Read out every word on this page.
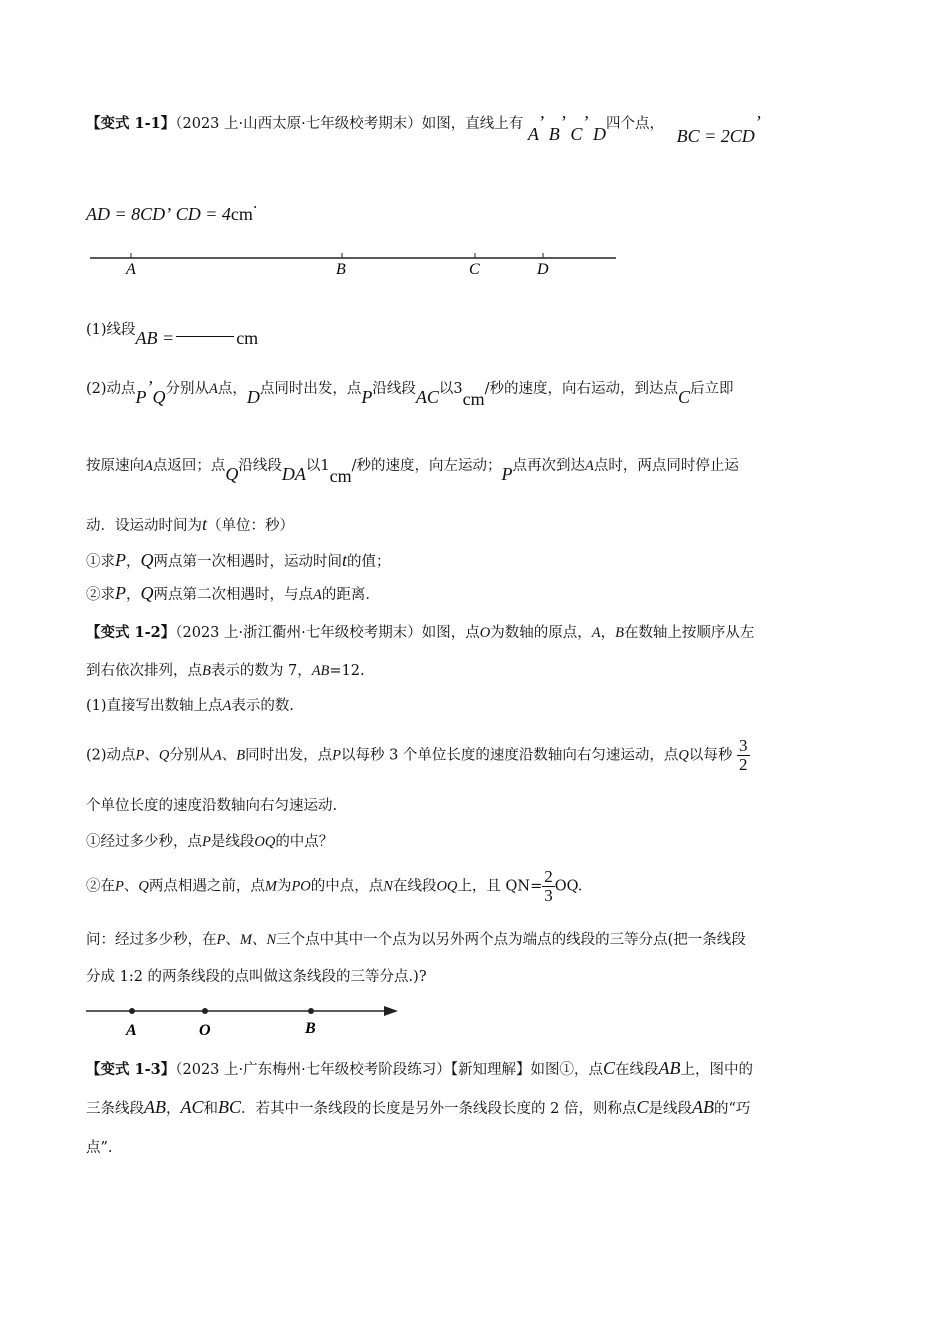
【变式 1-1】（2023 上·山西太原·七年级校考期末）如图，直线上有 A’ B’ C’ D四个点， BC = 2CD’
AD = 8CD’ CD = 4cm·
A	B	C	D
(1)线段AB =	cm
(2)动点P’Q分别从A点，D点同时出发，点P沿线段AC以3cm/秒的速度，向右运动，到达点C后立即
按原速向A点返回；点Q沿线段DA以1cm/秒的速度，向左运动；P点再次到达A点时，两点同时停止运
动．设运动时间为t（单位：秒）
①求P，Q两点第一次相遇时，运动时间t的值；
②求P，Q两点第二次相遇时，与点A的距离．
【变式 1-2】（2023 上·浙江衢州·七年级校考期末）如图，点O为数轴的原点，A，B在数轴上按顺序从左
到右依次排列，点B表示的数为 7，AB=12.
(1)直接写出数轴上点A表示的数.
(2)动点P、Q分别从A、B同时出发，点P以每秒 3 个单位长度的速度沿数轴向右匀速运动，点Q以每秒 $\frac{3}{2}$
个单位长度的速度沿数轴向右匀速运动.
①经过多少秒，点P是线段OQ的中点？
②在P、Q两点相遇之前，点M为PO的中点，点N在线段OQ上，且 $QN= \frac{2}{3}$ OQ.
问：经过多少秒，在P、M、N三个点中其中一个点为以另外两个点为端点的线段的三等分点(把一条线段
分成 1:2 的两条线段的点叫做这条线段的三等分点.)?
A	O	B
【变式 1-3】（2023 上·广东梅州·七年级校考阶段练习）【新知理解】如图①，点C在线段AB上，图中的
三条线段AB，AC和BC．若其中一条线段的长度是另外一条线段长度的 2 倍，则称点C是线段AB的“巧
点”.
